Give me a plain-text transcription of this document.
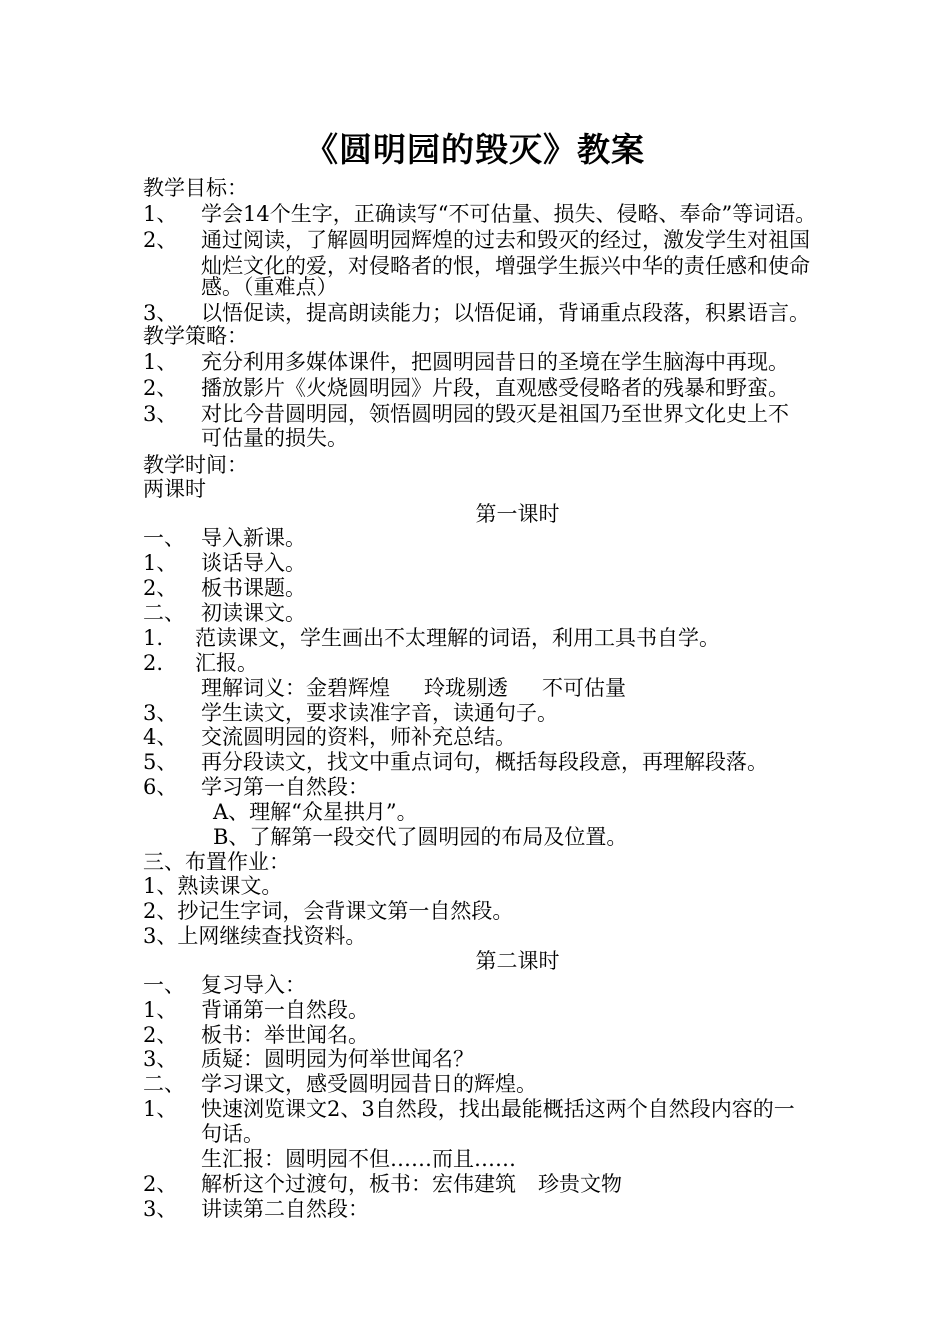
《圆明园的毁灭》教案
教学目标：
1、 学会14个生字，正确读写“不可估量、损失、侵略、奉命”等词语。
2、 通过阅读，了解圆明园辉煌的过去和毁灭的经过，激发学生对祖国
灿烂文化的爱，对侵略者的恨，增强学生振兴中华的责任感和使命
感。（重难点）
3、 以悟促读，提高朗读能力；以悟促诵，背诵重点段落，积累语言。
教学策略：
1、 充分利用多媒体课件，把圆明园昔日的圣境在学生脑海中再现。
2、 播放影片《火烧圆明园》片段，直观感受侵略者的残暴和野蛮。
3、 对比今昔圆明园，领悟圆明园的毁灭是祖国乃至世界文化史上不
可估量的损失。
教学时间：
两课时
第一课时
一、 导入新课。
1、 谈话导入。
2、 板书课题。
二、 初读课文。
1. 范读课文，学生画出不太理解的词语，利用工具书自学。
2. 汇报。
理解词义：金碧辉煌 玲珑剔透 不可估量
3、 学生读文，要求读准字音，读通句子。
4、 交流圆明园的资料，师补充总结。
5、 再分段读文，找文中重点词句，概括每段段意，再理解段落。
6、 学习第一自然段：
A、理解“众星拱月”。
B、了解第一段交代了圆明园的布局及位置。
三、布置作业：
1、熟读课文。
2、抄记生字词，会背课文第一自然段。
3、上网继续查找资料。
第二课时
一、 复习导入：
1、 背诵第一自然段。
2、 板书：举世闻名。
3、 质疑：圆明园为何举世闻名？
二、 学习课文，感受圆明园昔日的辉煌。
1、 快速浏览课文2、3自然段，找出最能概括这两个自然段内容的一
句话。
生汇报：圆明园不但……而且……
2、 解析这个过渡句，板书：宏伟建筑 珍贵文物
3、 讲读第二自然段：
